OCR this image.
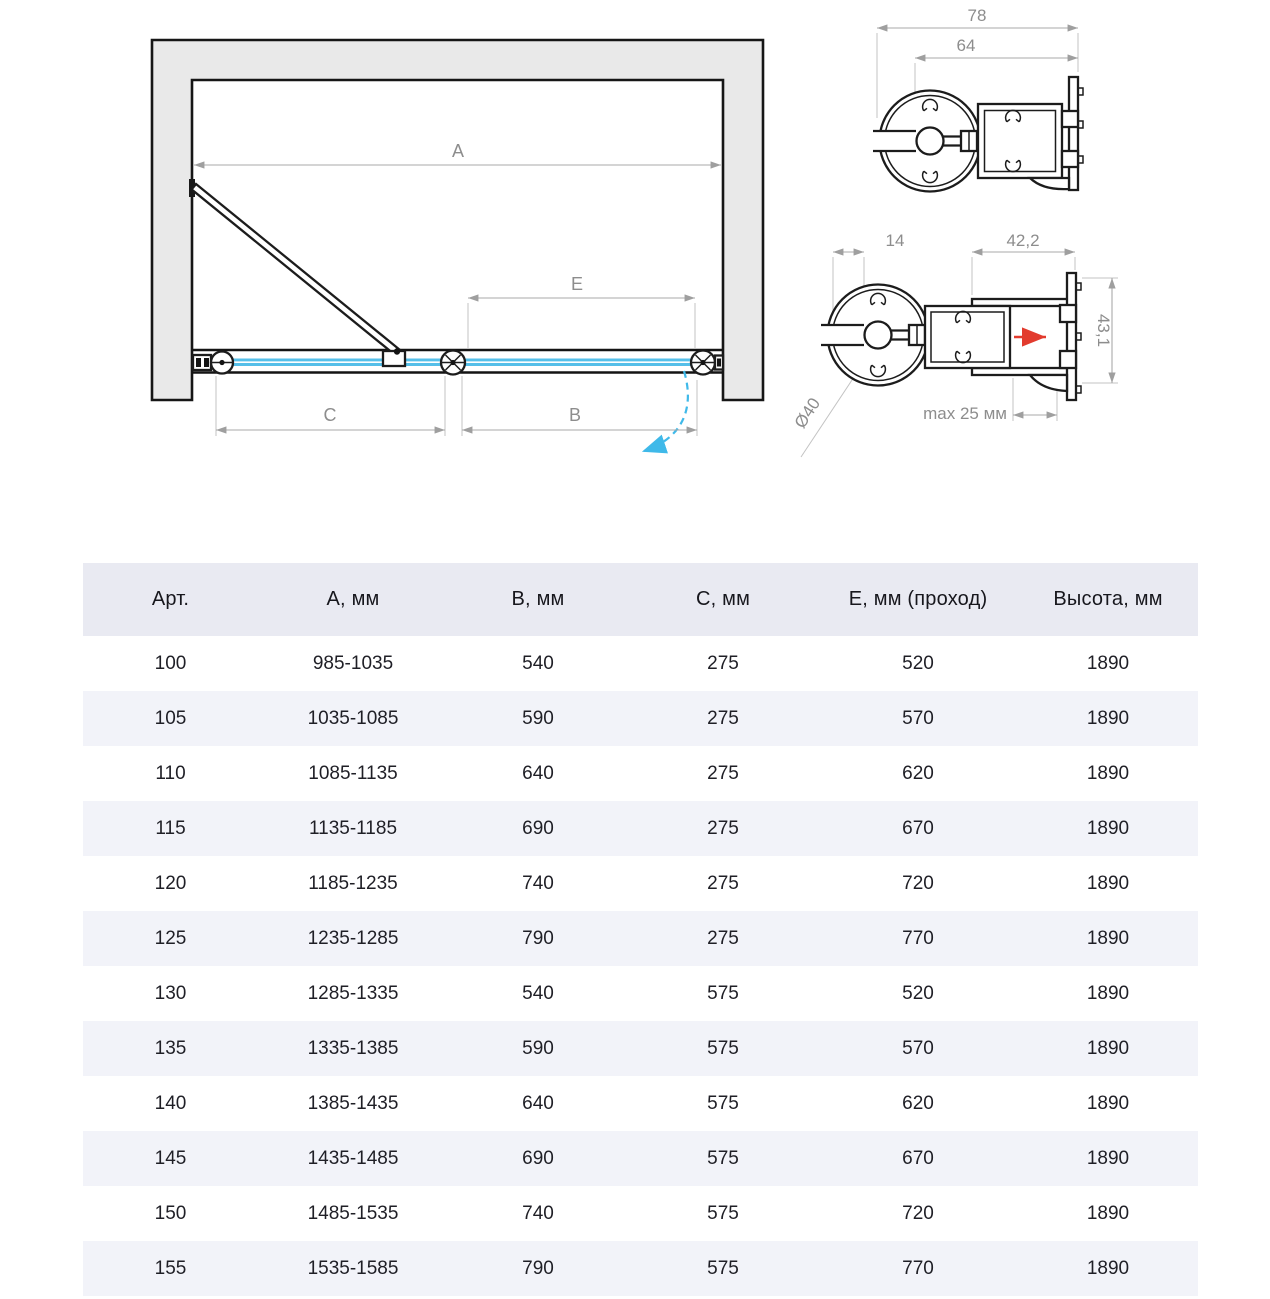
A
E
C	B
78
64
14	42,2
Ø40
43,1
max 25 мм
Арт.	А, мм	В, мм	С, мм	Е, мм (проход)	Высота, мм
100	985-1035	540	275	520	1890
105	1035-1085	590	275	570	1890
110	1085-1135	640	275	620	1890
115	1135-1185	690	275	670	1890
120	1185-1235	740	275	720	1890
125	1235-1285	790	275	770	1890
130	1285-1335	540	575	520	1890
135	1335-1385	590	575	570	1890
140	1385-1435	640	575	620	1890
145	1435-1485	690	575	670	1890
150	1485-1535	740	575	720	1890
155	1535-1585	790	575	770	1890
